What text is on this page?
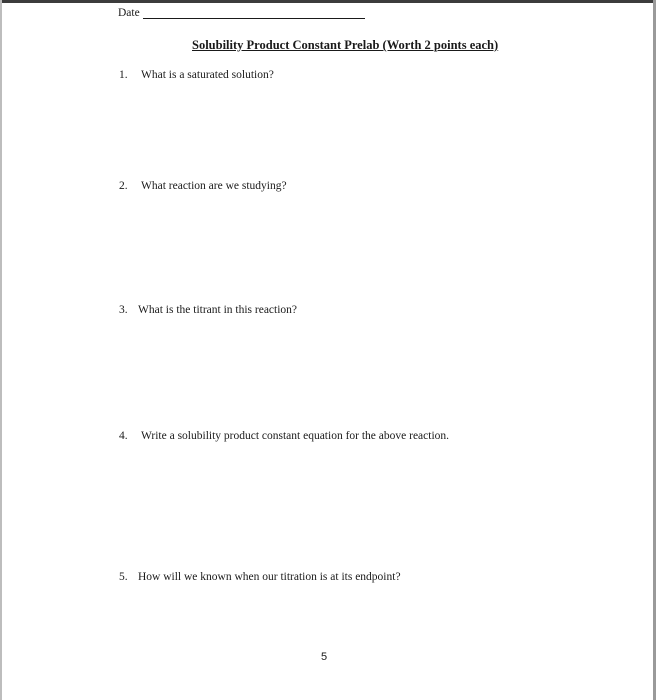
Date
Solubility Product Constant Prelab (Worth 2 points each)
1. What is a saturated solution?
2. What reaction are we studying?
3. What is the titrant in this reaction?
4. Write a solubility product constant equation for the above reaction.
5. How will we known when our titration is at its endpoint?
5
